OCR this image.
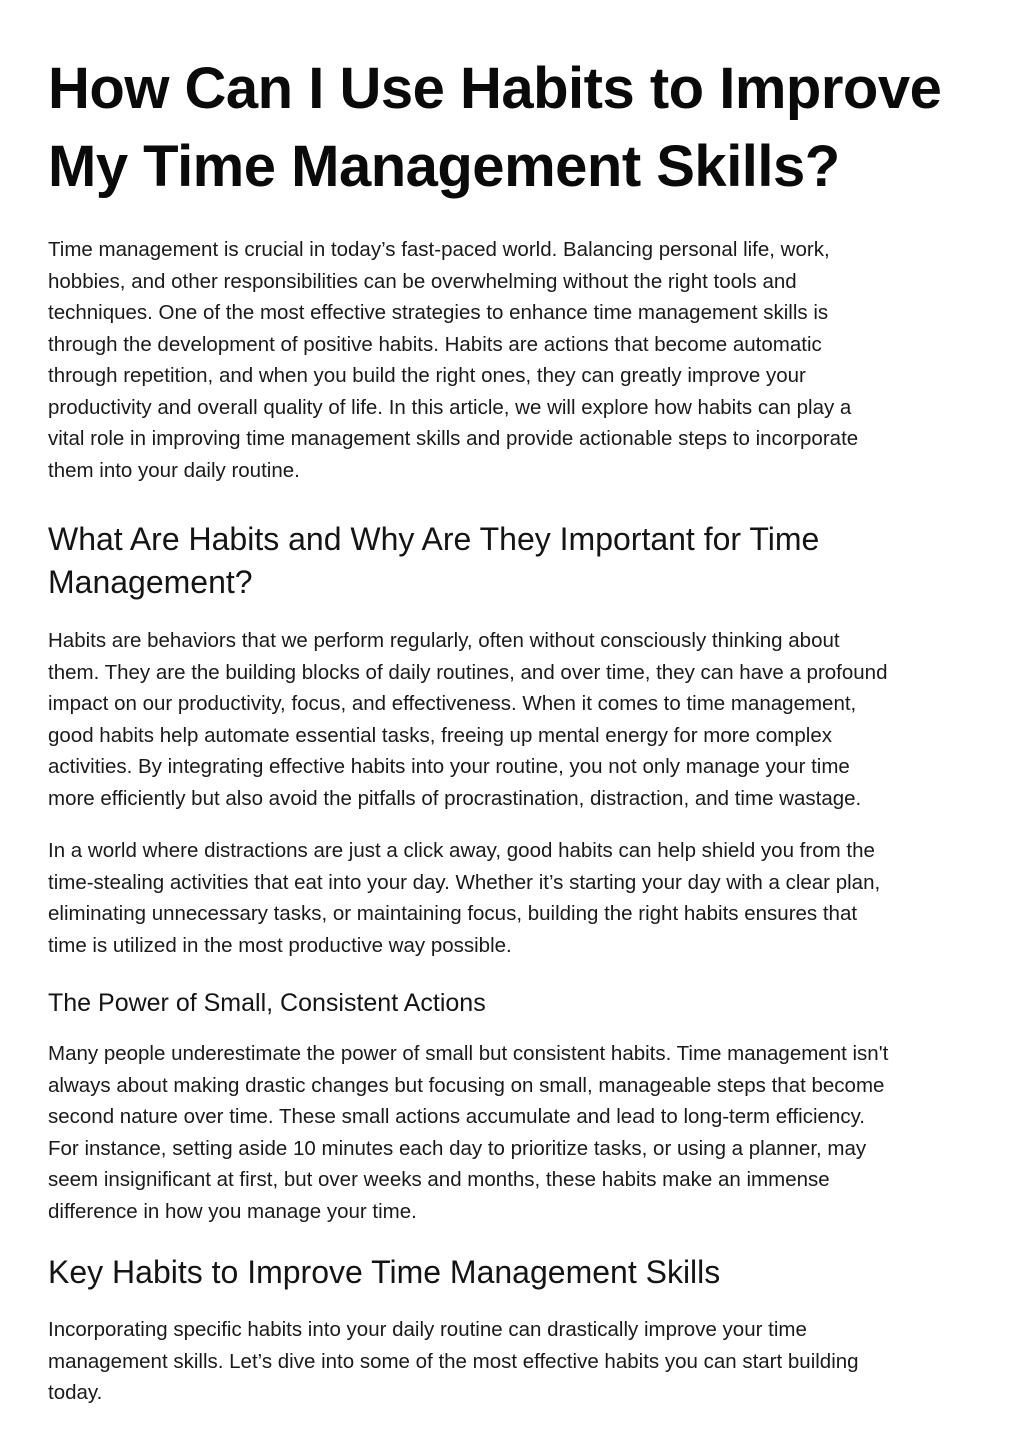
How Can I Use Habits to Improve
My Time Management Skills?

Time management is crucial in today’s fast-paced world. Balancing personal life, work,
hobbies, and other responsibilities can be overwhelming without the right tools and
techniques. One of the most effective strategies to enhance time management skills is
through the development of positive habits. Habits are actions that become automatic
through repetition, and when you build the right ones, they can greatly improve your
productivity and overall quality of life. In this article, we will explore how habits can play a
vital role in improving time management skills and provide actionable steps to incorporate
them into your daily routine.

What Are Habits and Why Are They Important for Time
Management?

Habits are behaviors that we perform regularly, often without consciously thinking about
them. They are the building blocks of daily routines, and over time, they can have a profound
impact on our productivity, focus, and effectiveness. When it comes to time management,
good habits help automate essential tasks, freeing up mental energy for more complex
activities. By integrating effective habits into your routine, you not only manage your time
more efficiently but also avoid the pitfalls of procrastination, distraction, and time wastage.

In a world where distractions are just a click away, good habits can help shield you from the
time-stealing activities that eat into your day. Whether it’s starting your day with a clear plan,
eliminating unnecessary tasks, or maintaining focus, building the right habits ensures that
time is utilized in the most productive way possible.

The Power of Small, Consistent Actions

Many people underestimate the power of small but consistent habits. Time management isn't
always about making drastic changes but focusing on small, manageable steps that become
second nature over time. These small actions accumulate and lead to long-term efficiency.
For instance, setting aside 10 minutes each day to prioritize tasks, or using a planner, may
seem insignificant at first, but over weeks and months, these habits make an immense
difference in how you manage your time.

Key Habits to Improve Time Management Skills

Incorporating specific habits into your daily routine can drastically improve your time
management skills. Let’s dive into some of the most effective habits you can start building
today.
